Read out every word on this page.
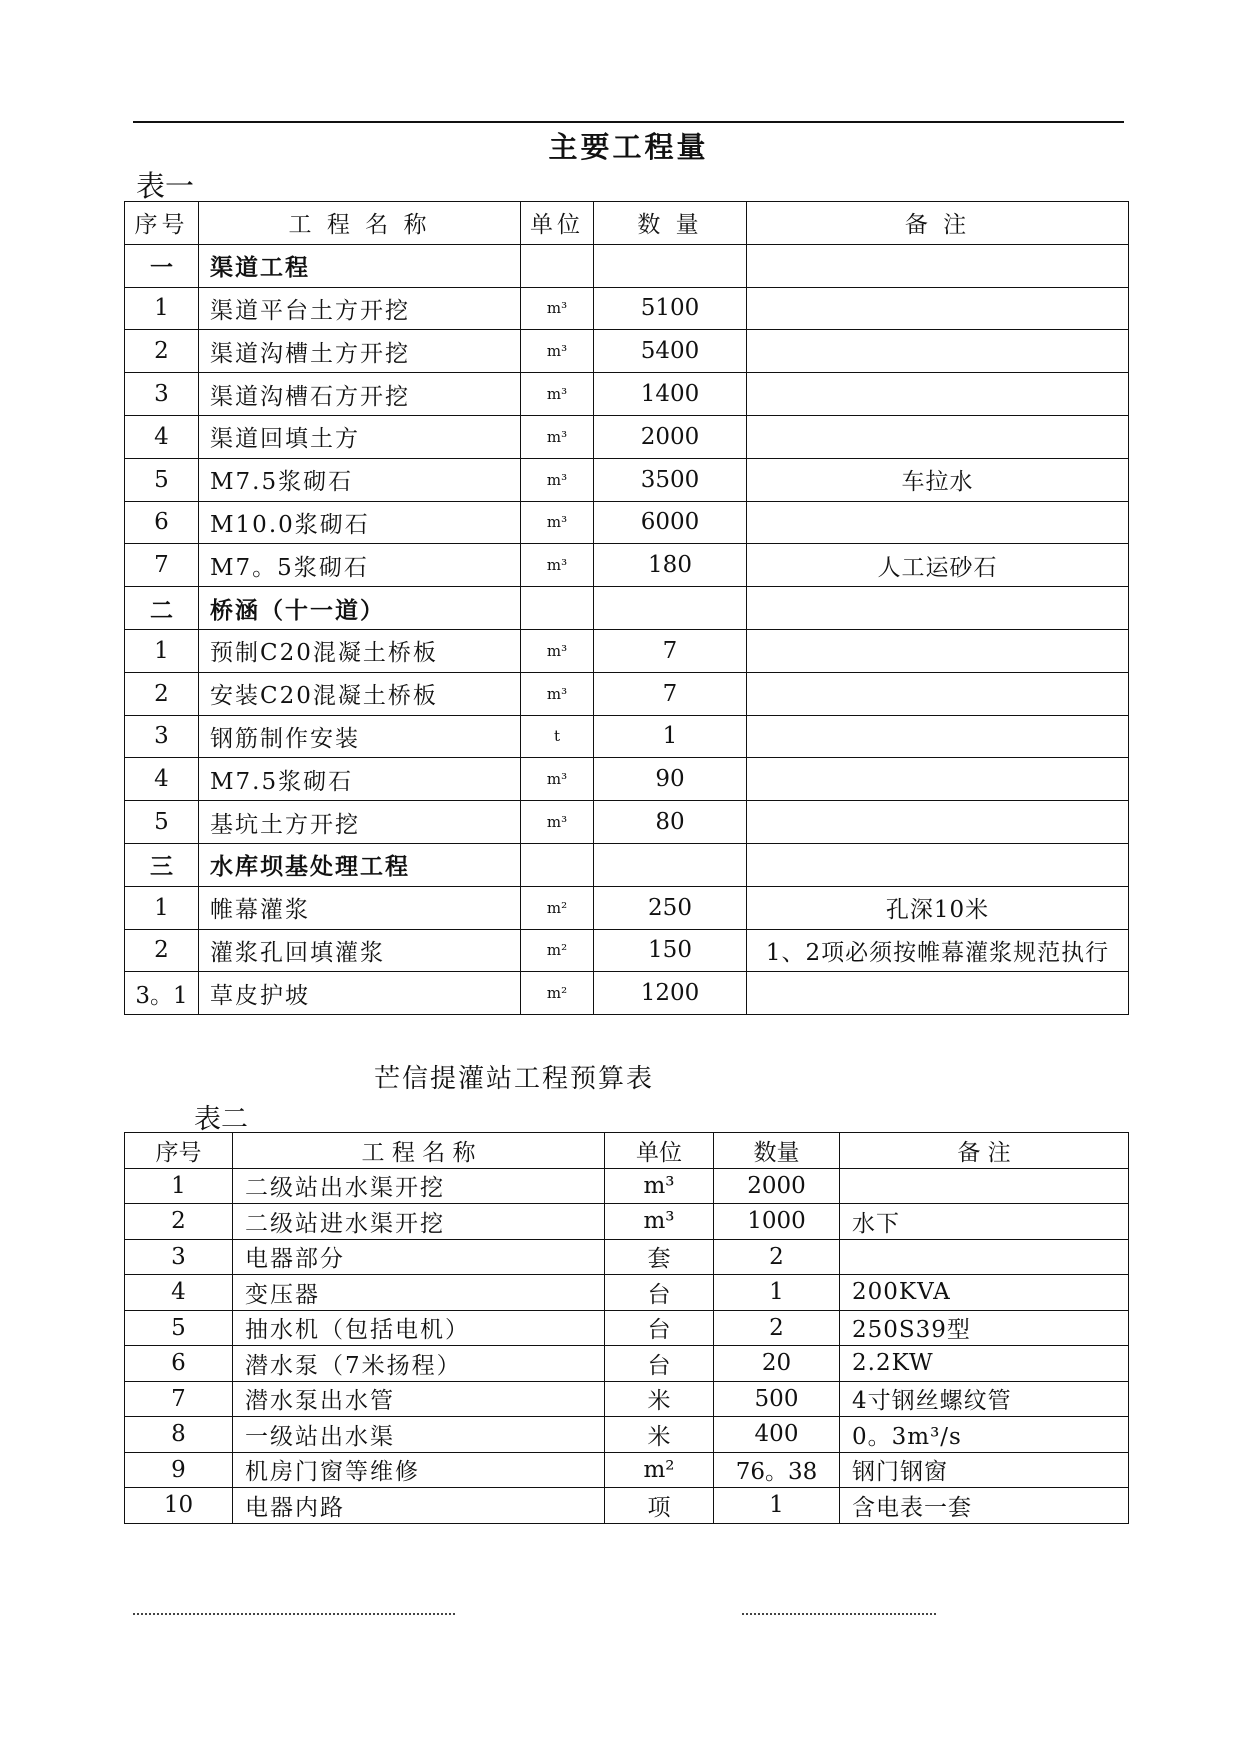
主要工程量
表一
序号	工 程 名 称	单位	数 量	备 注
一	渠道工程			
1	渠道平台土方开挖	m³	5100	
2	渠道沟槽土方开挖	m³	5400	
3	渠道沟槽石方开挖	m³	1400	
4	渠道回填土方	m³	2000	
5	M7.5浆砌石	m³	3500	车拉水
6	M10.0浆砌石	m³	6000	
7	M7。5浆砌石	m³	180	人工运砂石
二	桥涵（十一道）			
1	预制C20混凝土桥板	m³	7	
2	安装C20混凝土桥板	m³	7	
3	钢筋制作安装	t	1	
4	M7.5浆砌石	m³	90	
5	基坑土方开挖	m³	80	
三	水库坝基处理工程			
1	帷幕灌浆	m²	250	孔深10米
2	灌浆孔回填灌浆	m²	150	1、2项必须按帷幕灌浆规范执行
3。1	草皮护坡	m²	1200	
芒信提灌站工程预算表
表二
序号	工 程 名 称	单位	数量	备 注
1	二级站出水渠开挖	m³	2000	
2	二级站进水渠开挖	m³	1000	水下
3	电器部分	套	2	
4	变压器	台	1	200KVA
5	抽水机（包括电机）	台	2	250S39型
6	潜水泵（7米扬程）	台	20	2.2KW
7	潜水泵出水管	米	500	4寸钢丝螺纹管
8	一级站出水渠	米	400	0。3m³/s
9	机房门窗等维修	m²	76。38	钢门钢窗
10	电器内路	项	1	含电表一套
